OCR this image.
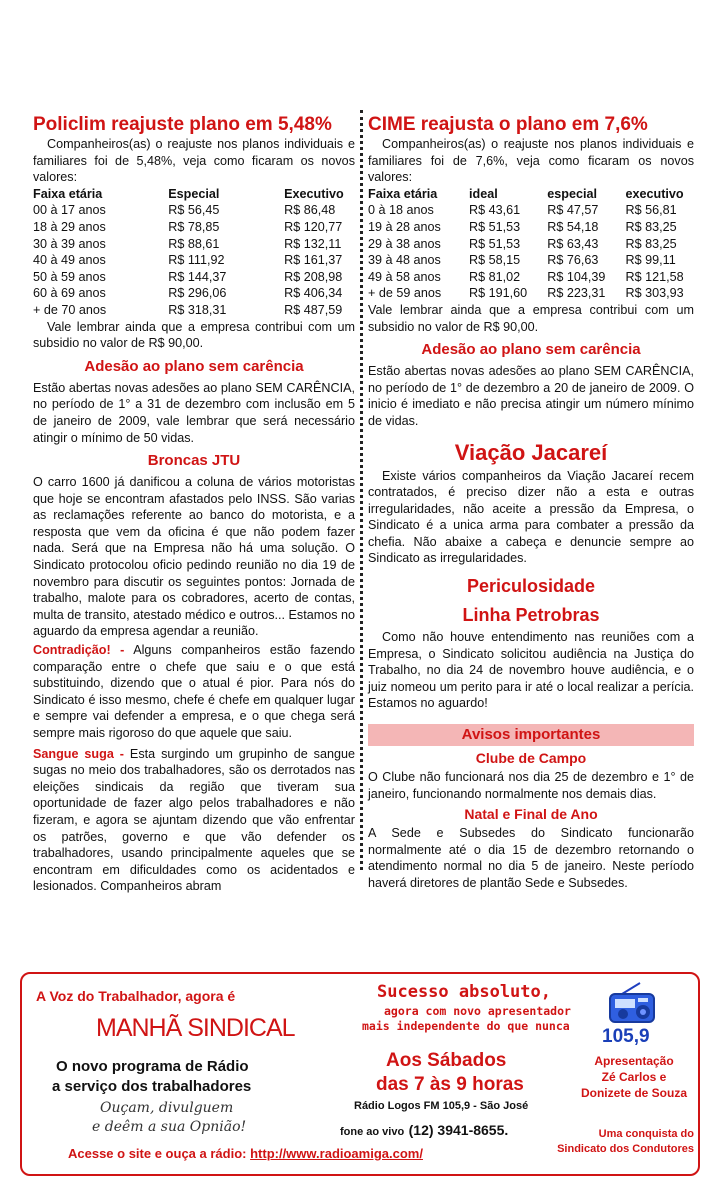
Policlim reajuste plano em 5,48%

Companheiros(as) o reajuste nos planos individuais e familiares foi de 5,48%, veja como ficaram os novos valores:

Faixa etária	Especial	Executivo
00 à 17 anos	R$ 56,45	R$ 86,48
18 à 29 anos	R$ 78,85	R$ 120,77
30 à 39 anos	R$ 88,61	R$ 132,11
40 à 49 anos	R$ 111,92	R$ 161,37
50 à 59 anos	R$ 144,37	R$ 208,98
60 à 69 anos	R$ 296,06	R$ 406,34
+ de 70 anos	R$ 318,31	R$ 487,59

Vale lembrar ainda que a empresa contribui com um subsidio no valor de R$ 90,00.

Adesão ao plano sem carência

Estão abertas novas adesões ao plano SEM CARÊNCIA, no período de 1° a 31 de dezembro com inclusão em 5 de janeiro de 2009, vale lembrar que será necessário atingir o mínimo de 50 vidas.

Broncas JTU

O carro 1600 já danificou a coluna de vários motoristas que hoje se encontram afastados pelo INSS. São varias as reclamações referente ao banco do motorista, e a resposta que vem da oficina é que não podem fazer nada. Será que na Empresa não há uma solução. O Sindicato protocolou oficio pedindo reunião no dia 19 de novembro para discutir os seguintes pontos: Jornada de trabalho, malote para os cobradores, acerto de contas, multa de transito, atestado médico e outros... Estamos no aguardo da empresa agendar a reunião.

Contradição! - Alguns companheiros estão fazendo comparação entre o chefe que saiu e o que está substituindo, dizendo que o atual é pior. Para nós do Sindicato é isso mesmo, chefe é chefe em qualquer lugar e sempre vai defender a empresa, e o que chega será sempre mais rigoroso do que aquele que saiu.

Sangue suga - Esta surgindo um grupinho de sangue sugas no meio dos trabalhadores, são os derrotados nas eleições sindicais da região que tiveram sua oportunidade de fazer algo pelos trabalhadores e não fizeram, e agora se ajuntam dizendo que vão enfrentar os patrões, governo e que vão defender os trabalhadores, usando principalmente aqueles que se encontram em dificuldades como os acidentados e lesionados. Companheiros abram

CIME reajusta o plano em 7,6%

Companheiros(as) o reajuste nos planos individuais e familiares foi de 7,6%, veja como ficaram os novos valores:

Faixa etária	ideal	especial	executivo
0 à 18 anos	R$ 43,61	R$ 47,57	R$ 56,81
19 à 28 anos	R$ 51,53	R$ 54,18	R$ 83,25
29 à 38 anos	R$ 51,53	R$ 63,43	R$ 83,25
39 à 48 anos	R$ 58,15	R$ 76,63	R$ 99,11
49 à 58 anos	R$ 81,02	R$ 104,39	R$ 121,58
+ de 59 anos	R$ 191,60	R$ 223,31	R$ 303,93

Vale lembrar ainda que a empresa contribui com um subsidio no valor de R$ 90,00.

Adesão ao plano sem carência

Estão abertas novas adesões ao plano SEM CARÊNCIA, no período de 1° de dezembro a 20 de janeiro de 2009. O inicio é imediato e não precisa atingir um número mínimo de vidas.

Viação Jacareí

Existe vários companheiros da Viação Jacareí recem contratados, é preciso dizer não a esta e outras irregularidades, não aceite a pressão da Empresa, o Sindicato é a unica arma para combater a pressão da chefia. Não abaixe a cabeça e denuncie sempre ao Sindicato as irregularidades.

Periculosidade
Linha Petrobras

Como não houve entendimento nas reuniões com a Empresa, o Sindicato solicitou audiência na Justiça do Trabalho, no dia 24 de novembro houve audiência, e o juiz nomeou um perito para ir até o local realizar a perícia. Estamos no aguardo!

Avisos importantes
Clube de Campo

O Clube não funcionará nos dia 25 de dezembro e 1° de janeiro, funcionando normalmente nos demais dias.

Natal e Final de Ano

A Sede e Subsedes do Sindicato funcionarão normalmente até o dia 15 de dezembro retornando o atendimento normal no dia 5 de janeiro. Neste período haverá diretores de plantão Sede e Subsedes.

A Voz do Trabalhador, agora é
MANHÃ SINDICAL
O novo programa de Rádio
a serviço dos trabalhadores
Ouçam, divulguem
e deêm a sua Opnião!
Acesse o site e ouça a rádio: http://www.radioamiga.com/
Sucesso absoluto,
agora com novo apresentador
mais independente do que nunca
Aos Sábados
das 7 às 9 horas
Rádio Logos FM 105,9 - São José
fone ao vivo (12) 3941-8655.
105,9
Apresentação
Zé Carlos e
Donizete de Souza
Uma conquista do
Sindicato dos Condutores
